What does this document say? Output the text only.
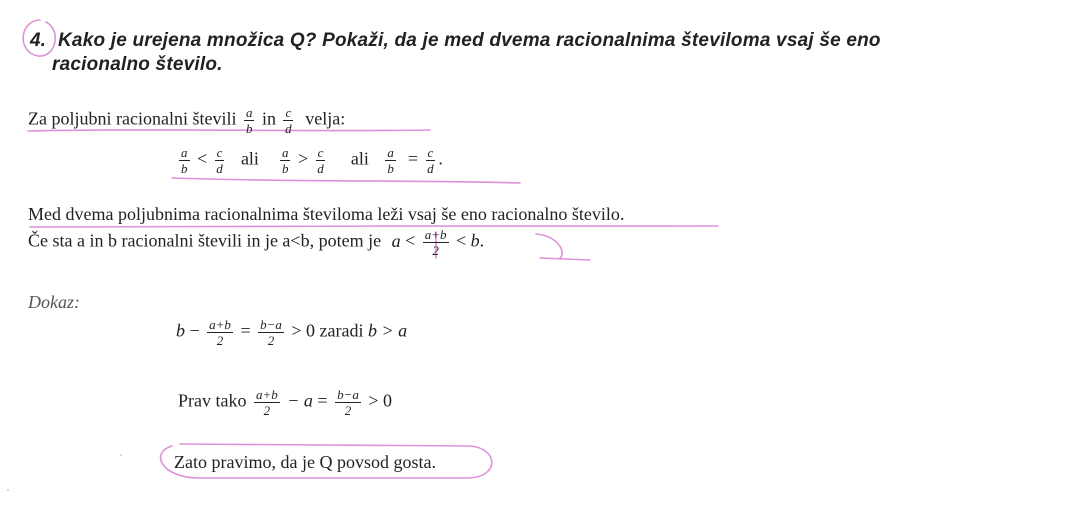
4. Kako je urejena množica Q? Pokaži, da je med dvema racionalnima številoma vsaj še eno
racionalno število.
Za poljubni racionalni števili $\frac{a}{b}$ in $\frac{c}{d}$ velja:
$\frac{a}{b} < \frac{c}{d}$ ali $\frac{a}{b} > \frac{c}{d}$ ali $\frac{a}{b} = \frac{c}{d}$ .
Med dvema poljubnima racionalnima številoma leži vsaj še eno racionalno število.
Če sta a in b racionalni števili in je a<b, potem je $a < \frac{a+b}{2} < b$.
Dokaz:
$b - \frac{a+b}{2} = \frac{b-a}{2} > 0$ zaradi b > a
Prav tako $\frac{a+b}{2} - a = \frac{b-a}{2} > 0$
Zato pravimo, da je Q povsod gosta.
